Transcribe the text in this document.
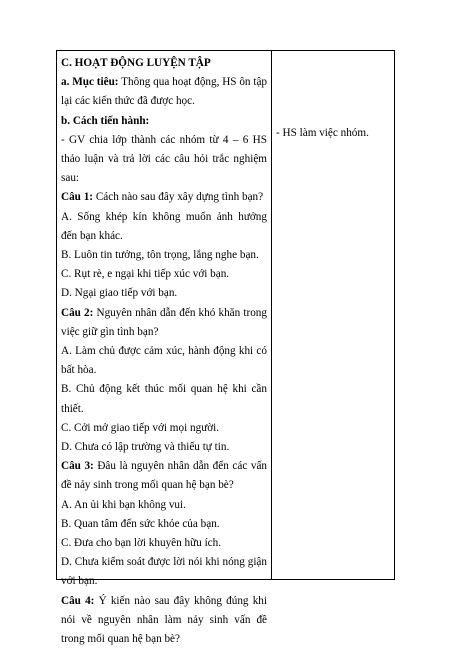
C. HOẠT ĐỘNG LUYỆN TẬP

a. Mục tiêu: Thông qua hoạt động, HS ôn tập lại các kiến thức đã được học.

b. Cách tiến hành:

- GV chia lớp thành các nhóm từ 4 – 6 HS thảo luận và trả lời các câu hỏi trắc nghiệm sau:

Câu 1: Cách nào sau đây xây dựng tình bạn?

A. Sống khép kín không muốn ảnh hưởng đến bạn khác.

B. Luôn tin tưởng, tôn trọng, lắng nghe bạn.

C. Rụt rè, e ngại khi tiếp xúc với bạn.

D. Ngại giao tiếp với bạn.

Câu 2: Nguyên nhân dẫn đến khó khăn trong việc giữ gìn tình bạn?

A. Làm chủ được cảm xúc, hành động khi có bất hòa.

B. Chủ động kết thúc mối quan hệ khi cần thiết.

C. Cởi mở giao tiếp với mọi người.

D. Chưa có lập trường và thiếu tự tin.

Câu 3: Đâu là nguyên nhân dẫn đến các vấn đề nảy sinh trong mối quan hệ bạn bè?

A. An ủi khi bạn không vui.

B. Quan tâm đến sức khỏe của bạn.

C. Đưa cho bạn lời khuyên hữu ích.

D. Chưa kiểm soát được lời nói khi nóng giận với bạn.

Câu 4: Ý kiến nào sau đây không đúng khi nói về nguyên nhân làm nảy sinh vấn đề trong mối quan hệ bạn bè?

- HS làm việc nhóm.
